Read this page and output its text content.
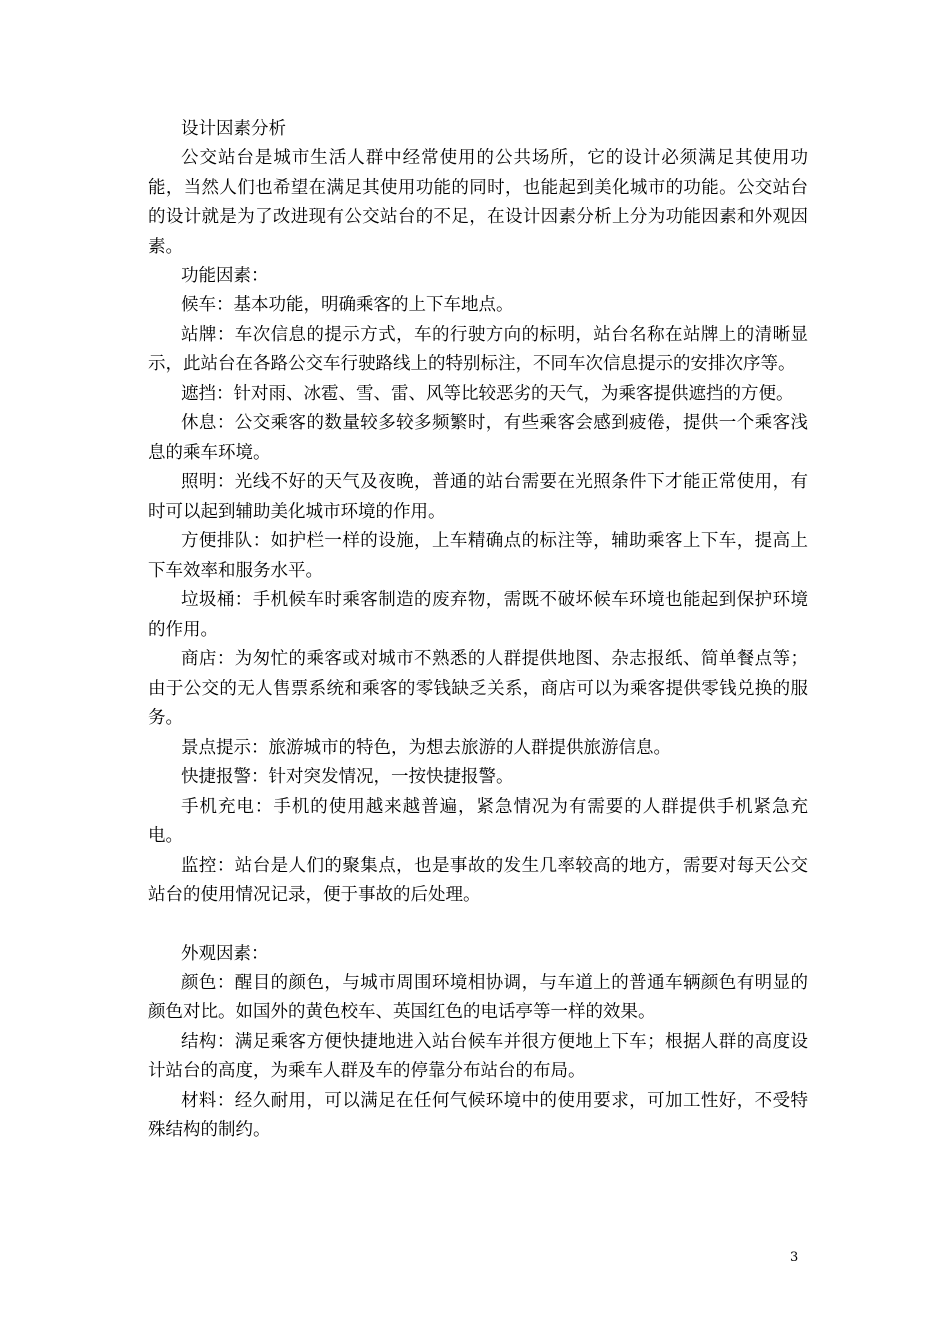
设计因素分析

公交站台是城市生活人群中经常使用的公共场所，它的设计必须满足其使用功能，当然人们也希望在满足其使用功能的同时，也能起到美化城市的功能。公交站台的设计就是为了改进现有公交站台的不足，在设计因素分析上分为功能因素和外观因素。

功能因素：

候车：基本功能，明确乘客的上下车地点。

站牌：车次信息的提示方式，车的行驶方向的标明，站台名称在站牌上的清晰显示，此站台在各路公交车行驶路线上的特别标注，不同车次信息提示的安排次序等。

遮挡：针对雨、冰雹、雪、雷、风等比较恶劣的天气，为乘客提供遮挡的方便。

休息：公交乘客的数量较多较多频繁时，有些乘客会感到疲倦，提供一个乘客浅息的乘车环境。

照明：光线不好的天气及夜晚，普通的站台需要在光照条件下才能正常使用，有时可以起到辅助美化城市环境的作用。

方便排队：如护栏一样的设施，上车精确点的标注等，辅助乘客上下车，提高上下车效率和服务水平。

垃圾桶：手机候车时乘客制造的废弃物，需既不破坏候车环境也能起到保护环境的作用。

商店：为匆忙的乘客或对城市不熟悉的人群提供地图、杂志报纸、简单餐点等；由于公交的无人售票系统和乘客的零钱缺乏关系，商店可以为乘客提供零钱兑换的服务。

景点提示：旅游城市的特色，为想去旅游的人群提供旅游信息。

快捷报警：针对突发情况，一按快捷报警。

手机充电：手机的使用越来越普遍，紧急情况为有需要的人群提供手机紧急充电。

监控：站台是人们的聚集点，也是事故的发生几率较高的地方，需要对每天公交站台的使用情况记录，便于事故的后处理。

外观因素：

颜色：醒目的颜色，与城市周围环境相协调，与车道上的普通车辆颜色有明显的颜色对比。如国外的黄色校车、英国红色的电话亭等一样的效果。

结构：满足乘客方便快捷地进入站台候车并很方便地上下车；根据人群的高度设计站台的高度，为乘车人群及车的停靠分布站台的布局。

材料：经久耐用，可以满足在任何气候环境中的使用要求，可加工性好，不受特殊结构的制约。

3
